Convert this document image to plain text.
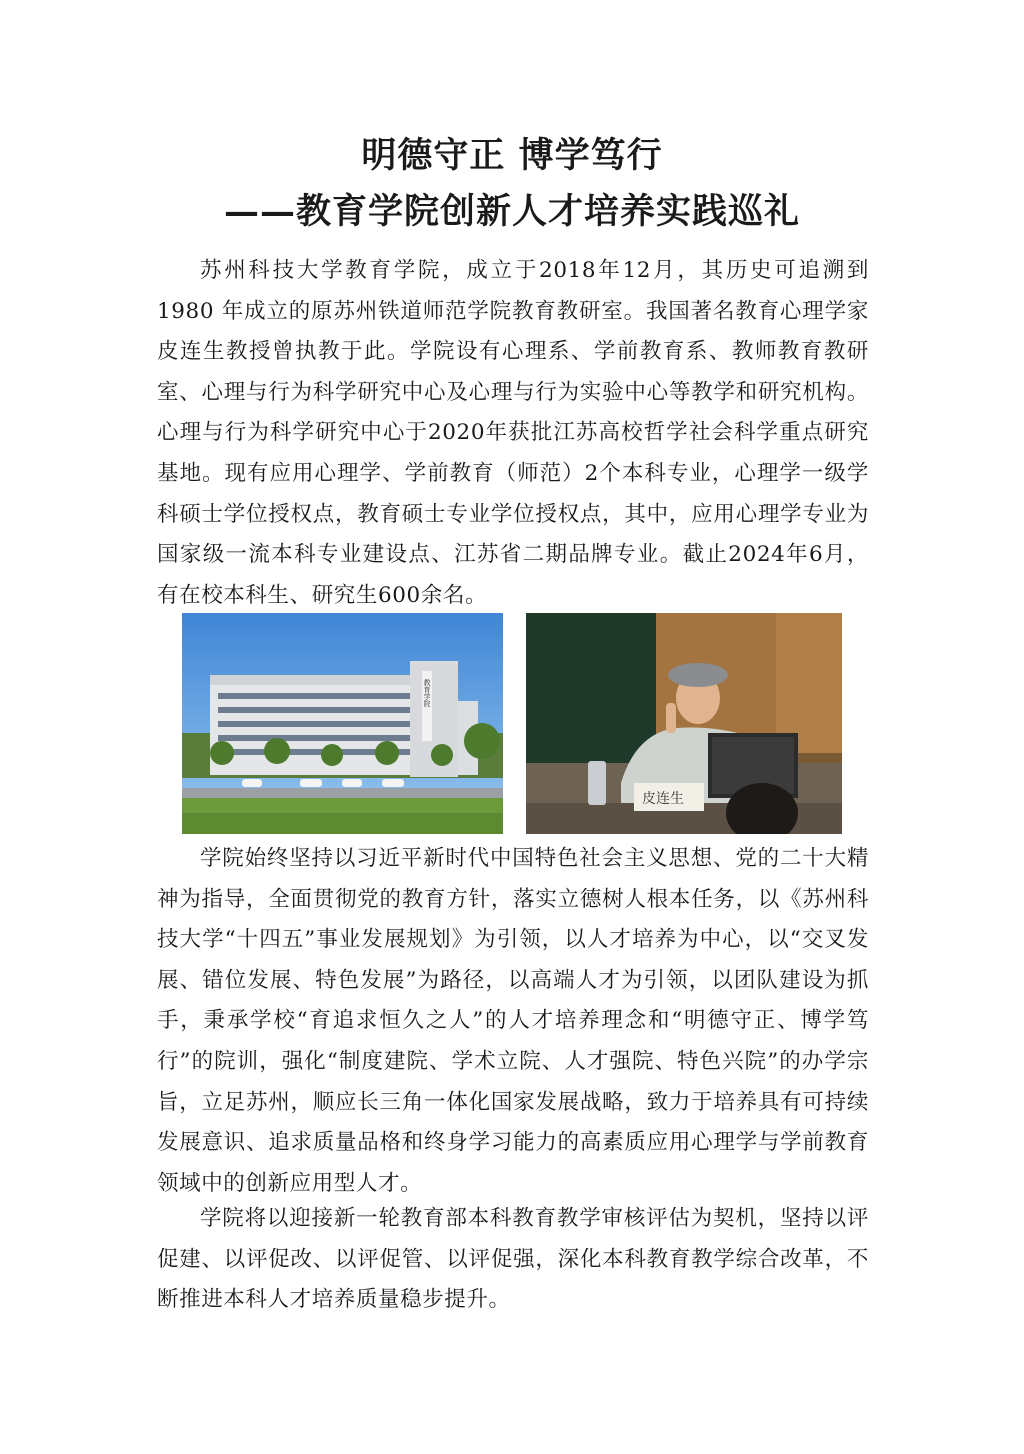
明德守正 博学笃行
——教育学院创新人才培养实践巡礼

苏州科技大学教育学院，成立于2018年12月，其历史可追溯到1980 年成立的原苏州铁道师范学院教育教研室。我国著名教育心理学家皮连生教授曾执教于此。学院设有心理系、学前教育系、教师教育教研室、心理与行为科学研究中心及心理与行为实验中心等教学和研究机构。心理与行为科学研究中心于2020年获批江苏高校哲学社会科学重点研究基地。现有应用心理学、学前教育（师范）2个本科专业，心理学一级学科硕士学位授权点，教育硕士专业学位授权点，其中，应用心理学专业为国家级一流本科专业建设点、江苏省二期品牌专业。截止2024年6月，有在校本科生、研究生600余名。

教育学院
皮连生

学院始终坚持以习近平新时代中国特色社会主义思想、党的二十大精神为指导，全面贯彻党的教育方针，落实立德树人根本任务，以《苏州科技大学“十四五”事业发展规划》为引领，以人才培养为中心，以“交叉发展、错位发展、特色发展”为路径，以高端人才为引领，以团队建设为抓手，秉承学校“育追求恒久之人”的人才培养理念和“明德守正、博学笃行”的院训，强化“制度建院、学术立院、人才强院、特色兴院”的办学宗旨，立足苏州，顺应长三角一体化国家发展战略，致力于培养具有可持续发展意识、追求质量品格和终身学习能力的高素质应用心理学与学前教育领域中的创新应用型人才。

学院将以迎接新一轮教育部本科教育教学审核评估为契机，坚持以评促建、以评促改、以评促管、以评促强，深化本科教育教学综合改革，不断推进本科人才培养质量稳步提升。
